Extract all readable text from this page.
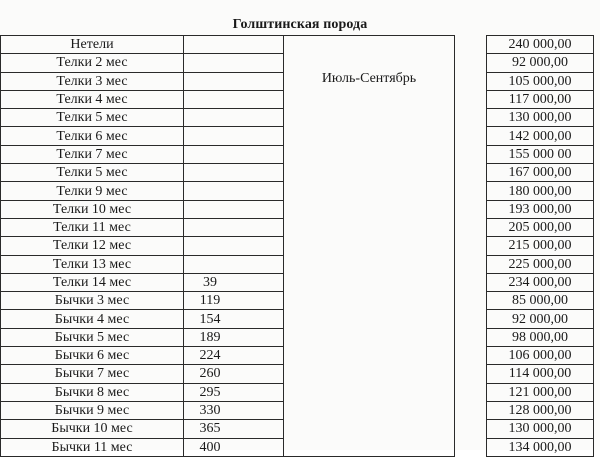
Голштинская порода
Нетели			Июль-Сентябрь		240 000,00
Телки 2 мес					92 000,00
Телки 3 мес					105 000,00
Телки 4 мес					117 000,00
Телки 5 мес					130 000,00
Телки 6 мес					142 000,00
Телки 7 мес					155 000 00
Телки 5 мес					167 000,00
Телки 9 мес					180 000,00
Телки 10 мес					193 000,00
Телки 11 мес					205 000,00
Телки 12 мес					215 000,00
Телки 13 мес					225 000,00
Телки 14 мес	39				234 000,00
Бычки 3 мес	119				85 000,00
Бычки 4 мес	154				92 000,00
Бычки 5 мес	189				98 000,00
Бычки 6 мес	224				106 000,00
Бычки 7 мес	260				114 000,00
Бычки 8 мес	295				121 000,00
Бычки 9 мес	330				128 000,00
Бычки 10 мес	365				130 000,00
Бычки 11 мес	400				134 000,00
